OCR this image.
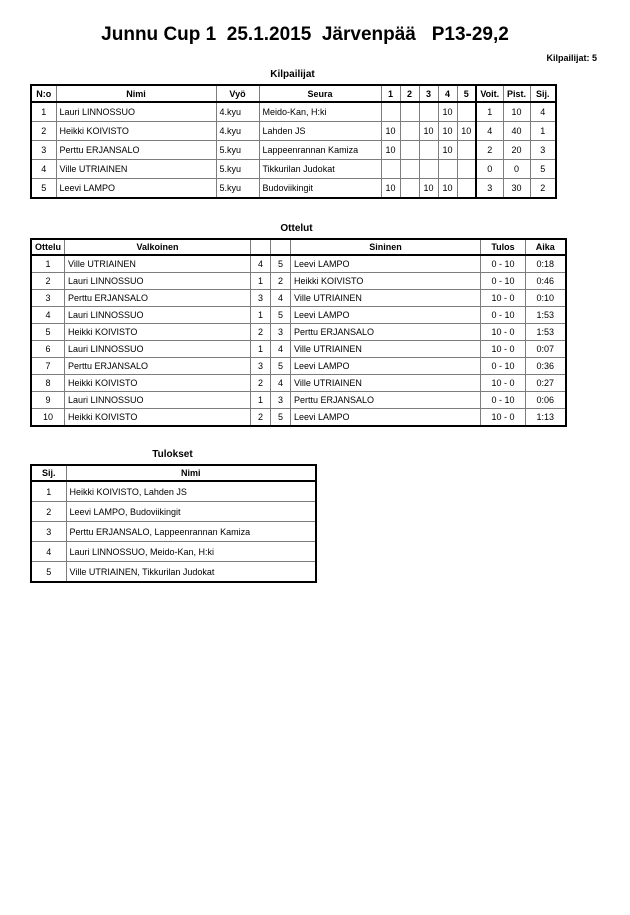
Junnu Cup 1  25.1.2015  Järvenpää   P13-29,2
Kilpailijat: 5
Kilpailijat
N:o	Nimi	Vyö	Seura	1	2	3	4	5	Voit.	Pist.	Sij.
1	Lauri LINNOSSUO	4.kyu	Meido-Kan, H:ki				10		1	10	4
2	Heikki KOIVISTO	4.kyu	Lahden JS	10		10	10	10	4	40	1
3	Perttu ERJANSALO	5.kyu	Lappeenrannan Kamiza	10			10		2	20	3
4	Ville UTRIAINEN	5.kyu	Tikkurilan Judokat						0	0	5
5	Leevi LAMPO	5.kyu	Budoviikingit	10		10	10		3	30	2
Ottelut
Ottelu	Valkoinen			Sininen	Tulos	Aika
1	Ville UTRIAINEN	4	5	Leevi LAMPO	0 - 10	0:18
2	Lauri LINNOSSUO	1	2	Heikki KOIVISTO	0 - 10	0:46
3	Perttu ERJANSALO	3	4	Ville UTRIAINEN	10 - 0	0:10
4	Lauri LINNOSSUO	1	5	Leevi LAMPO	0 - 10	1:53
5	Heikki KOIVISTO	2	3	Perttu ERJANSALO	10 - 0	1:53
6	Lauri LINNOSSUO	1	4	Ville UTRIAINEN	10 - 0	0:07
7	Perttu ERJANSALO	3	5	Leevi LAMPO	0 - 10	0:36
8	Heikki KOIVISTO	2	4	Ville UTRIAINEN	10 - 0	0:27
9	Lauri LINNOSSUO	1	3	Perttu ERJANSALO	0 - 10	0:06
10	Heikki KOIVISTO	2	5	Leevi LAMPO	10 - 0	1:13
Tulokset
Sij.	Nimi
1	Heikki KOIVISTO, Lahden JS
2	Leevi LAMPO, Budoviikingit
3	Perttu ERJANSALO, Lappeenrannan Kamiza
4	Lauri LINNOSSUO, Meido-Kan, H:ki
5	Ville UTRIAINEN, Tikkurilan Judokat
